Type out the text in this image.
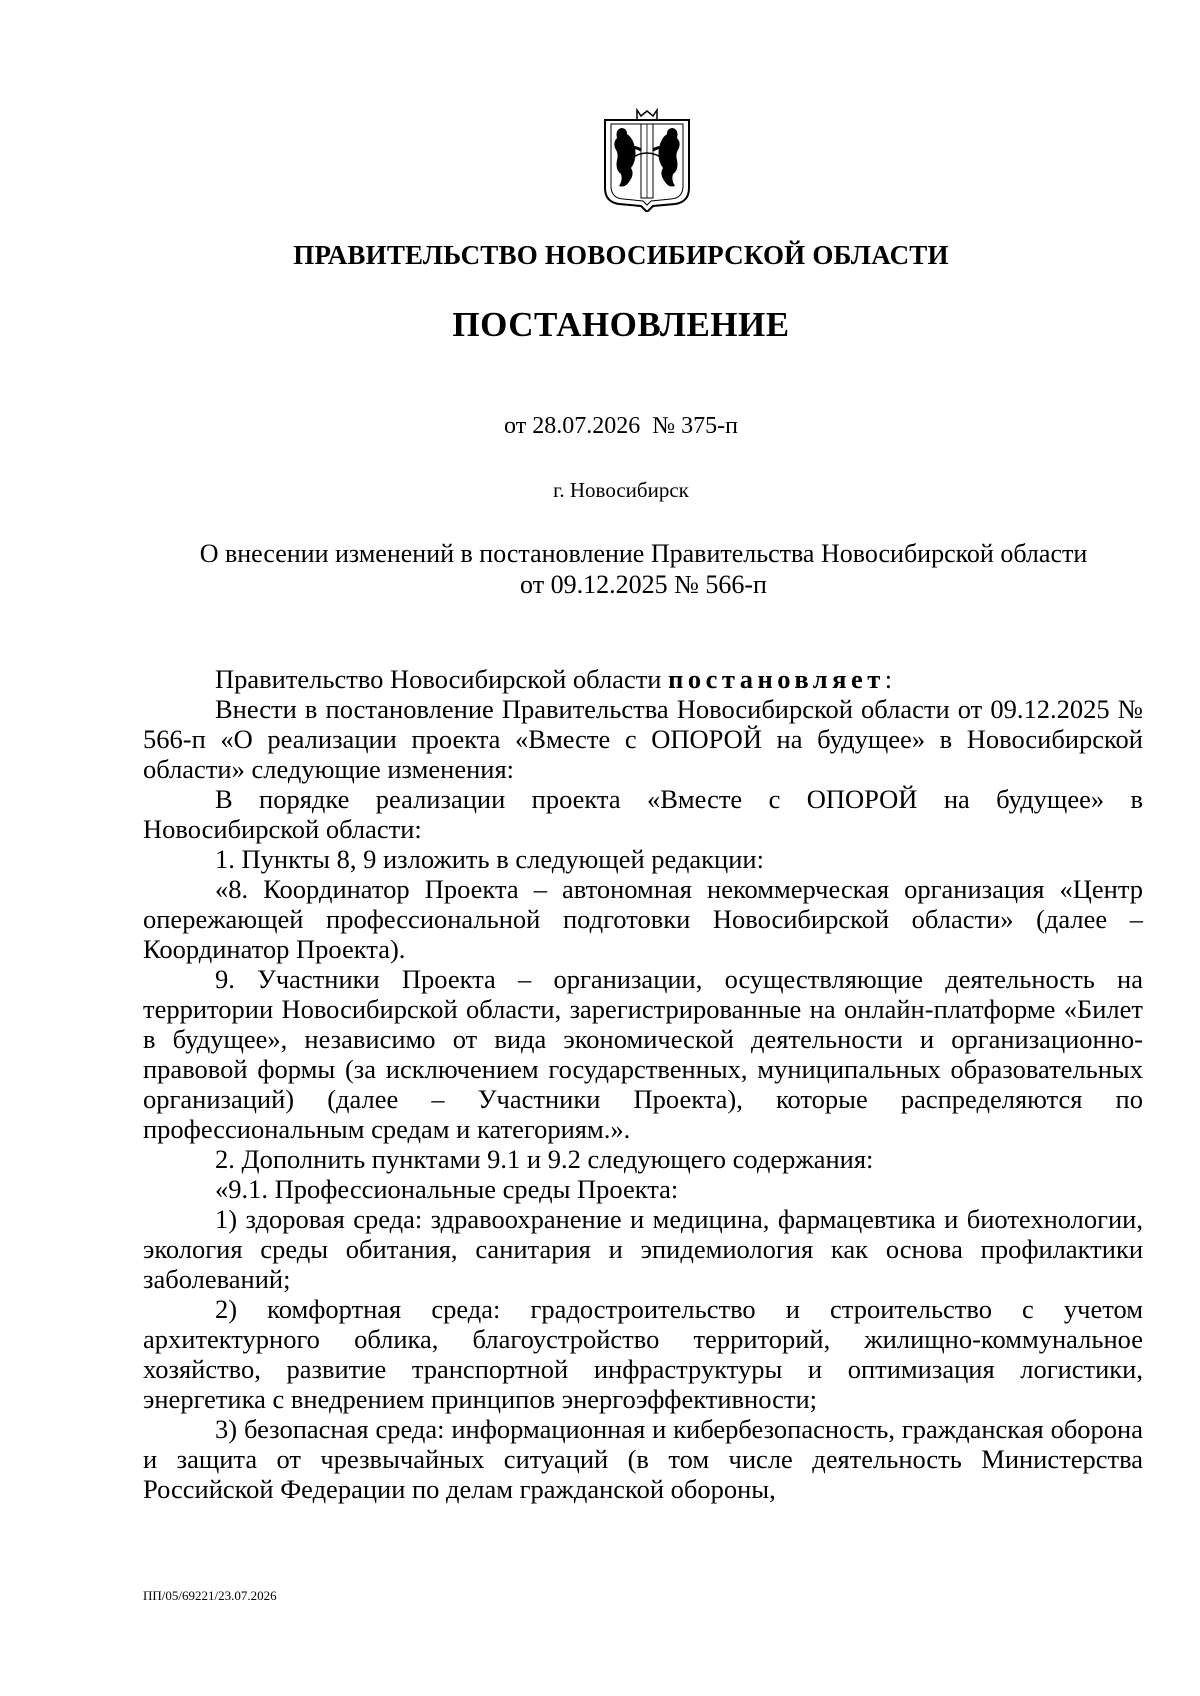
ПРАВИТЕЛЬСТВО НОВОСИБИРСКОЙ ОБЛАСТИ
ПОСТАНОВЛЕНИЕ
от 28.07.2026  № 375-п
г. Новосибирск
О внесении изменений в постановление Правительства Новосибирской области
от 09.12.2025 № 566-п

Правительство Новосибирской области постановляет:

Внести в постановление Правительства Новосибирской области от 09.12.2025 № 566-п «О реализации проекта «Вместе с ОПОРОЙ на будущее» в Новосибирской области» следующие изменения:

В порядке реализации проекта «Вместе с ОПОРОЙ на будущее» в Новосибирской области:

1. Пункты 8, 9 изложить в следующей редакции:

«8. Координатор Проекта – автономная некоммерческая организация «Центр опережающей профессиональной подготовки Новосибирской области» (далее – Координатор Проекта).

9. Участники Проекта – организации, осуществляющие деятельность на территории Новосибирской области, зарегистрированные на онлайн-платформе «Билет в будущее», независимо от вида экономической деятельности и организационно-правовой формы (за исключением государственных, муниципальных образовательных организаций) (далее – Участники Проекта), которые распределяются по профессиональным средам и категориям.».

2. Дополнить пунктами 9.1 и 9.2 следующего содержания:

«9.1. Профессиональные среды Проекта:

1) здоровая среда: здравоохранение и медицина, фармацевтика и биотехнологии, экология среды обитания, санитария и эпидемиология как основа профилактики заболеваний;

2) комфортная среда: градостроительство и строительство с учетом архитектурного облика, благоустройство территорий, жилищно-коммунальное хозяйство, развитие транспортной инфраструктуры и оптимизация логистики, энергетика с внедрением принципов энергоэффективности;

3) безопасная среда: информационная и кибербезопасность, гражданская оборона и защита от чрезвычайных ситуаций (в том числе деятельность Министерства Российской Федерации по делам гражданской обороны,

ПП/05/69221/23.07.2026
